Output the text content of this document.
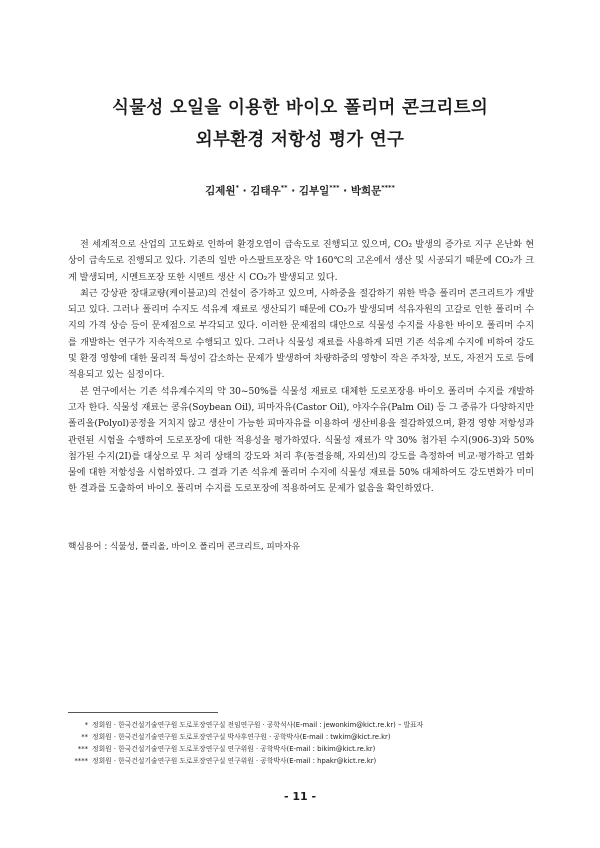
식물성 오일을 이용한 바이오 폴리머 콘크리트의
외부환경 저항성 평가 연구
김제원* · 김태우** · 김부일*** · 박희문****

전 세계적으로 산업의 고도화로 인하여 환경오염이 급속도로 진행되고 있으며, CO₂ 발생의 증가로 지구 온난화 현상이 급속도로 진행되고 있다. 기존의 일반 아스팔트포장은 약 160℃의 고온에서 생산 및 시공되기 때문에 CO₂가 크게 발생되며, 시멘트포장 또한 시멘트 생산 시 CO₂가 발생되고 있다.

최근 강상판 장대교량(케이블교)의 건설이 증가하고 있으며, 사하중을 절감하기 위한 박층 폴리머 콘크리트가 개발되고 있다. 그러나 폴리머 수지도 석유계 재료로 생산되기 때문에 CO₂가 발생되며 석유자원의 고갈로 인한 폴리머 수지의 가격 상승 등이 문제점으로 부각되고 있다. 이러한 문제점의 대안으로 식물성 수지를 사용한 바이오 폴리머 수지를 개발하는 연구가 지속적으로 수행되고 있다. 그러나 식물성 재료를 사용하게 되면 기존 석유계 수지에 비하여 강도 및 환경 영향에 대한 물리적 특성이 감소하는 문제가 발생하여 차량하중의 영향이 작은 주차장, 보도, 자전거 도로 등에 적용되고 있는 실정이다.

본 연구에서는 기존 석유계수지의 약 30~50%를 식물성 재료로 대체한 도로포장용 바이오 폴리머 수지를 개발하고자 한다. 식물성 재료는 콩유(Soybean Oil), 피마자유(Castor Oil), 야자수유(Palm Oil) 등 그 종류가 다양하지만 폴리올(Polyol)공정을 거치지 않고 생산이 가능한 피마자유를 이용하여 생산비용을 절감하였으며, 환경 영향 저항성과 관련된 시험을 수행하여 도로포장에 대한 적용성을 평가하였다. 식물성 재료가 약 30% 첨가된 수지(906-3)와 50% 첨가된 수지(2I)를 대상으로 무 처리 상태의 강도와 처리 후(동결융해, 자외선)의 강도를 측정하여 비교·평가하고 염화물에 대한 저항성을 시험하였다. 그 결과 기존 석유계 폴리머 수지에 식물성 재료를 50% 대체하여도 강도변화가 미미한 결과를 도출하여 바이오 폴리머 수지를 도로포장에 적용하여도 문제가 없음을 확인하였다.

핵심용어 : 식물성, 폴리올, 바이오 폴리머 콘크리트, 피마자유
* 정회원 · 한국건설기술연구원 도로포장연구실 전임연구원 · 공학석사(E-mail : jewonkim@kict.re.kr) – 발표자
** 정회원 · 한국건설기술연구원 도로포장연구실 박사후연구원 · 공학박사(E-mail : twkim@kict.re.kr)
*** 정회원 · 한국건설기술연구원 도로포장연구실 연구위원 · 공학박사(E-mail : bikim@kict.re.kr)
**** 정회원 · 한국건설기술연구원 도로포장연구실 연구위원 · 공학박사(E-mail : hpakr@kict.re.kr)
- 11 -
